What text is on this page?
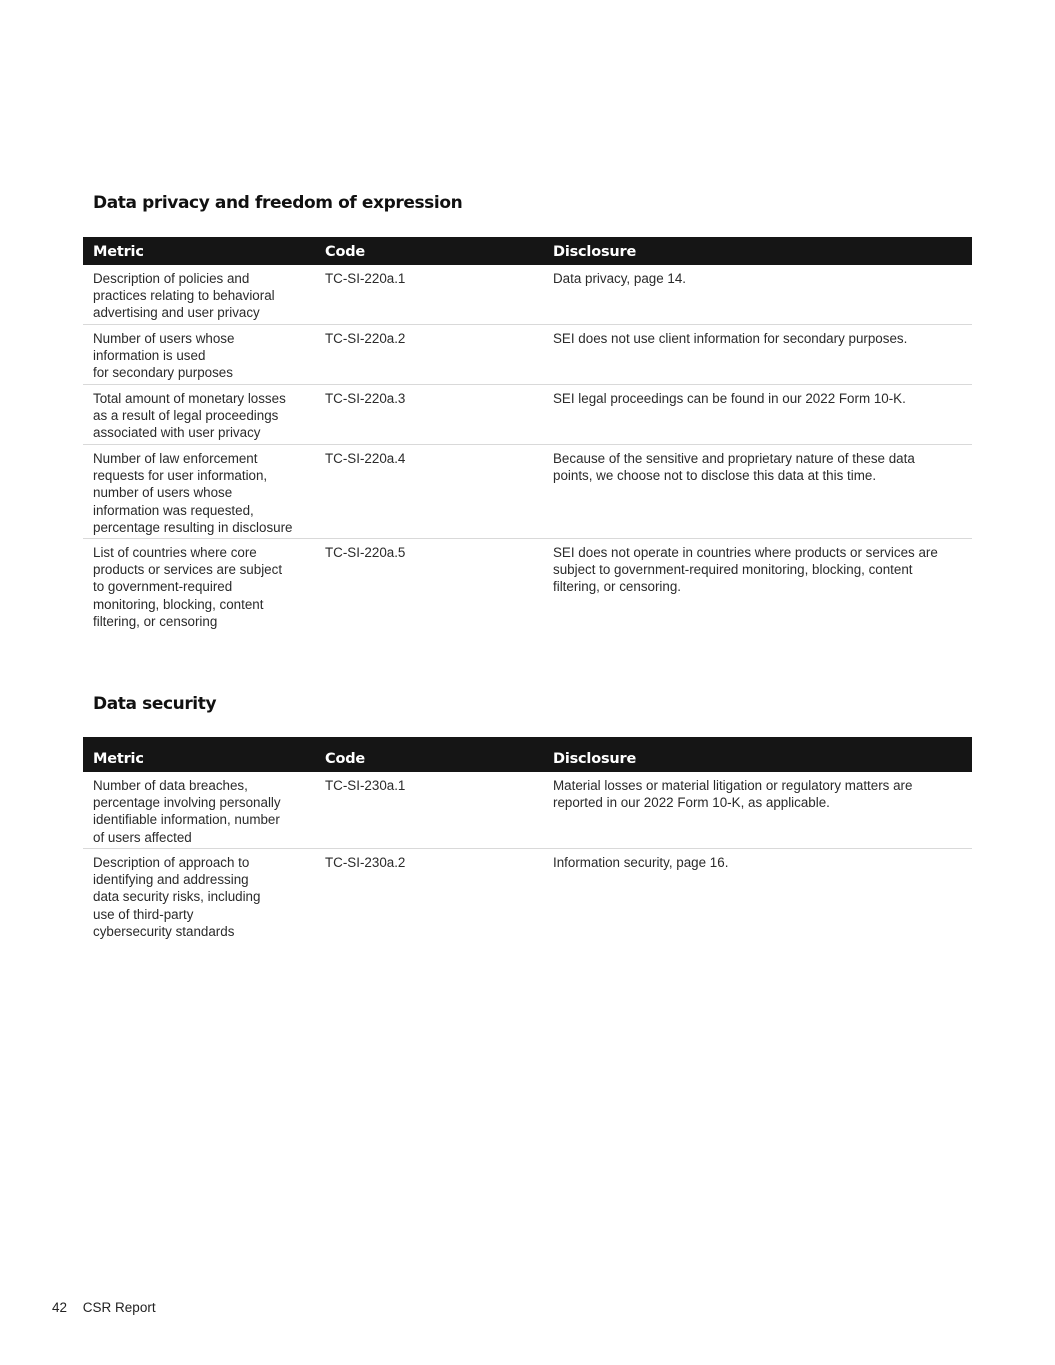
Data privacy and freedom of expression
Metric	Code	Disclosure
Description of policies and
practices relating to behavioral
advertising and user privacy
TC-SI-220a.1	Data privacy, page 14.
Number of users whose
information is used
for secondary purposes
TC-SI-220a.2	SEI does not use client information for secondary purposes.
Total amount of monetary losses
as a result of legal proceedings
associated with user privacy
TC-SI-220a.3	SEI legal proceedings can be found in our 2022 Form 10-K.
Number of law enforcement
requests for user information,
number of users whose
information was requested,
percentage resulting in disclosure
TC-SI-220a.4	Because of the sensitive and proprietary nature of these data
points, we choose not to disclose this data at this time.
List of countries where core
products or services are subject
to government-required
monitoring, blocking, content
filtering, or censoring
TC-SI-220a.5	SEI does not operate in countries where products or services are
subject to government-required monitoring, blocking, content
filtering, or censoring.
Data security
Metric	Code	Disclosure
Number of data breaches,
percentage involving personally
identifiable information, number
of users affected
TC-SI-230a.1	Material losses or material litigation or regulatory matters are
reported in our 2022 Form 10-K, as applicable.
Description of approach to
identifying and addressing
data security risks, including
use of third-party
cybersecurity standards
TC-SI-230a.2	Information security, page 16.
42 CSR Report
